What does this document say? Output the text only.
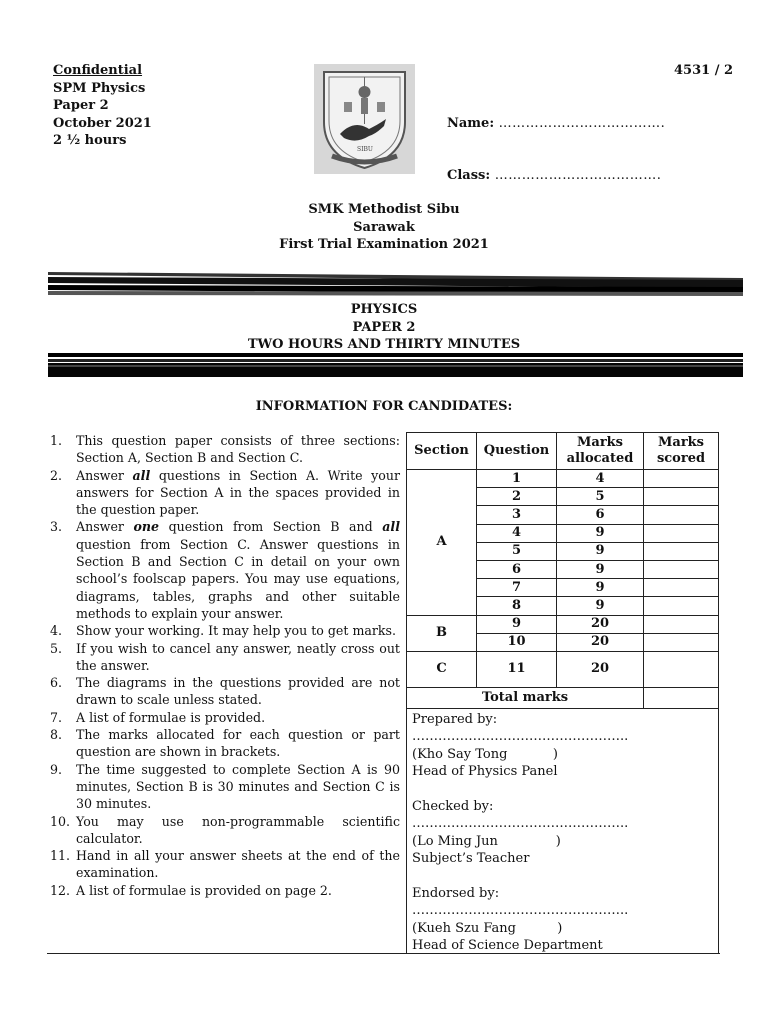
Confidential
SPM Physics
Paper 2
October 2021
2 ½ hours
SIBU
4531 / 2
Name: ……………………………….
Class: ……………………………….
SMK Methodist Sibu
Sarawak
First Trial Examination 2021
PHYSICS
PAPER 2
TWO HOURS AND THIRTY MINUTES
INFORMATION FOR CANDIDATES:
1.	This question paper consists of three sections: Section A, Section B and Section C.
2.	Answer all questions in Section A. Write your answers for Section A in the spaces provided in the question paper.
3.	Answer one question from Section B and all question from Section C. Answer questions in Section B and Section C in detail on your own school’s foolscap papers. You may use equations, diagrams, tables, graphs and other suitable methods to explain your answer.
4.	Show your working. It may help you to get marks.
5.	If you wish to cancel any answer, neatly cross out the answer.
6.	The diagrams in the questions provided are not drawn to scale unless stated.
7.	A list of formulae is provided.
8.	The marks allocated for each question or part question are shown in brackets.
9.	The time suggested to complete Section A is 90 minutes, Section B is 30 minutes and Section C is 30 minutes.
10. You may use non-programmable scientific calculator.
11. Hand in all your answer sheets at the end of the examination.
12. A list of formulae is provided on page 2.
Section	Question	Marks allocated	Marks scored
A	1	4	
	2	5	
	3	6	
	4	9	
	5	9	
	6	9	
	7	9	
	8	9	
B	9	20	
	10	20	
C	11	20	
Total marks			
Prepared by:
…………………………………………..
(Kho Say Tong           )
Head of Physics Panel
Checked by:
…………………………………………..
(Lo Ming Jun              )
Subject’s Teacher
Endorsed by:
…………………………………………..
(Kueh Szu Fang          )
Head of Science Department
